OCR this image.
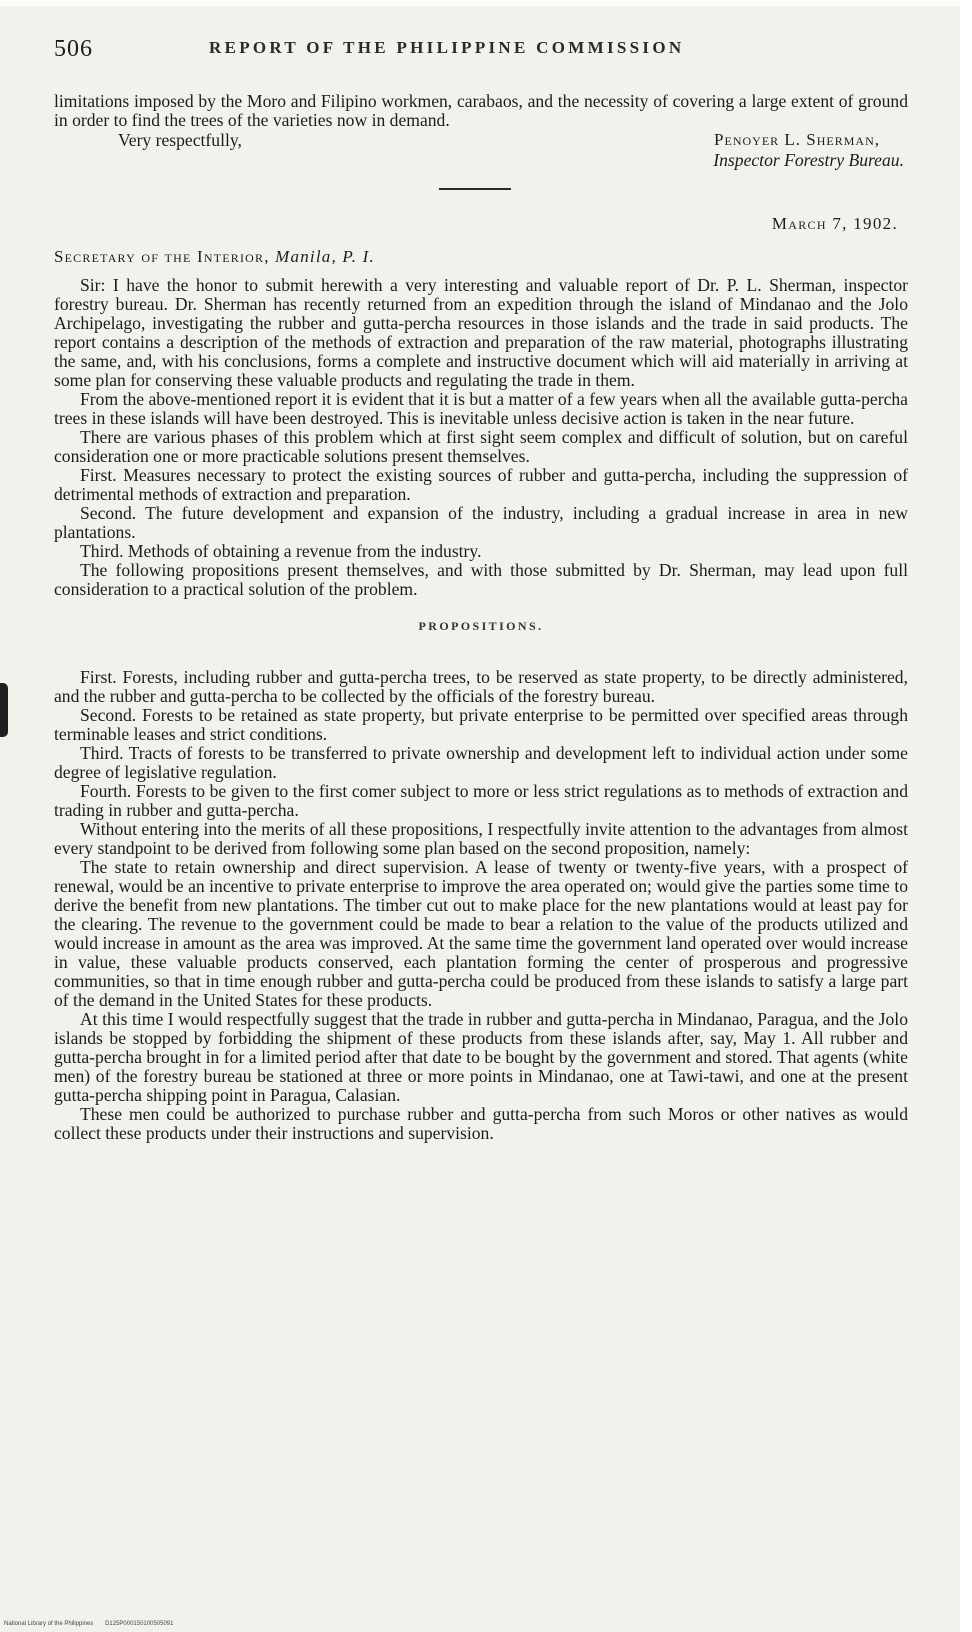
506	REPORT OF THE PHILIPPINE COMMISSION

limitations imposed by the Moro and Filipino workmen, carabaos, and the necessity of covering a large extent of ground in order to find the trees of the varieties now in demand.

Very respectfully,	Penoyer L. Sherman,
Inspector Forestry Bureau.
March 7, 1902.
Secretary of the Interior, Manila, P. I.

Sir: I have the honor to submit herewith a very interesting and valuable report of Dr. P. L. Sherman, inspector forestry bureau. Dr. Sherman has recently returned from an expedition through the island of Mindanao and the Jolo Archipelago, investigating the rubber and gutta-percha resources in those islands and the trade in said products. The report contains a description of the methods of extraction and preparation of the raw material, photographs illustrating the same, and, with his conclusions, forms a complete and instructive document which will aid materially in arriving at some plan for conserving these valuable products and regulating the trade in them.

From the above-mentioned report it is evident that it is but a matter of a few years when all the available gutta-percha trees in these islands will have been destroyed. This is inevitable unless decisive action is taken in the near future.

There are various phases of this problem which at first sight seem complex and difficult of solution, but on careful consideration one or more practicable solutions present themselves.

First. Measures necessary to protect the existing sources of rubber and gutta-percha, including the suppression of detrimental methods of extraction and preparation.

Second. The future development and expansion of the industry, including a gradual increase in area in new plantations.

Third. Methods of obtaining a revenue from the industry.

The following propositions present themselves, and with those submitted by Dr. Sherman, may lead upon full consideration to a practical solution of the problem.

PROPOSITIONS.

First. Forests, including rubber and gutta-percha trees, to be reserved as state property, to be directly administered, and the rubber and gutta-percha to be collected by the officials of the forestry bureau.

Second. Forests to be retained as state property, but private enterprise to be permitted over specified areas through terminable leases and strict conditions.

Third. Tracts of forests to be transferred to private ownership and development left to individual action under some degree of legislative regulation.

Fourth. Forests to be given to the first comer subject to more or less strict regulations as to methods of extraction and trading in rubber and gutta-percha.

Without entering into the merits of all these propositions, I respectfully invite attention to the advantages from almost every standpoint to be derived from following some plan based on the second proposition, namely:

The state to retain ownership and direct supervision. A lease of twenty or twenty-five years, with a prospect of renewal, would be an incentive to private enterprise to improve the area operated on; would give the parties some time to derive the benefit from new plantations. The timber cut out to make place for the new plantations would at least pay for the clearing. The revenue to the government could be made to bear a relation to the value of the products utilized and would increase in amount as the area was improved. At the same time the government land operated over would increase in value, these valuable products conserved, each plantation forming the center of prosperous and progressive communities, so that in time enough rubber and gutta-percha could be produced from these islands to satisfy a large part of the demand in the United States for these products.

At this time I would respectfully suggest that the trade in rubber and gutta-percha in Mindanao, Paragua, and the Jolo islands be stopped by forbidding the shipment of these products from these islands after, say, May 1. All rubber and gutta-percha brought in for a limited period after that date to be bought by the government and stored. That agents (white men) of the forestry bureau be stationed at three or more points in Mindanao, one at Tawi-tawi, and one at the present gutta-percha shipping point in Paragua, Calasian.

These men could be authorized to purchase rubber and gutta-percha from such Moros or other natives as would collect these products under their instructions and supervision.

National Library of the Philippines D125P000150100505091
